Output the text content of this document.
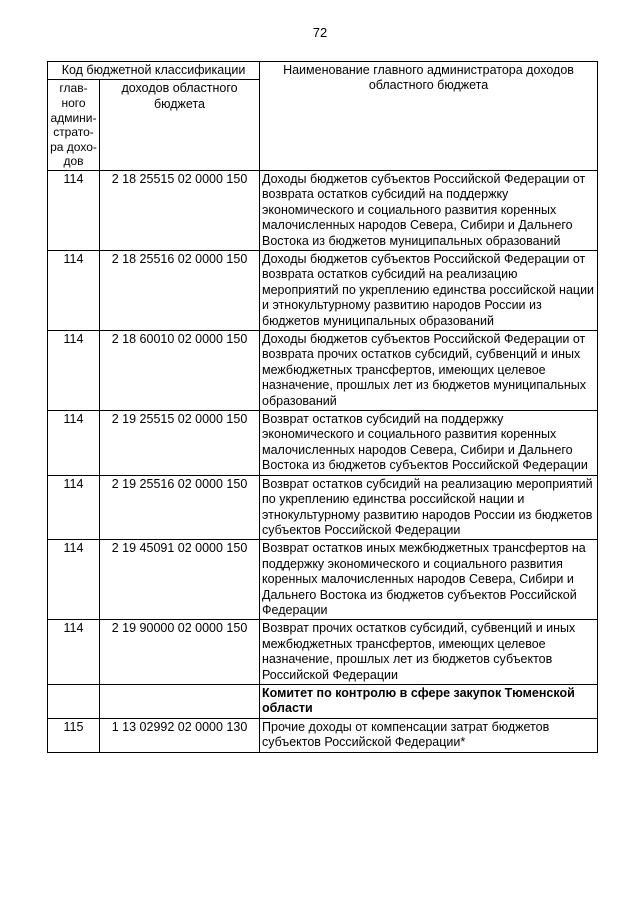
72
Код бюджетной классификации		Наименование главного администратора доходов областного бюджета
глав-ного админи-страто-ра дохо-дов	доходов областного бюджета	
114	2 18 25515 02 0000 150	Доходы бюджетов субъектов Российской Федерации от возврата остатков субсидий на поддержку экономического и социального развития коренных малочисленных народов Севера, Сибири и Дальнего Востока из бюджетов муниципальных образований
114	2 18 25516 02 0000 150	Доходы бюджетов субъектов Российской Федерации от возврата остатков субсидий на реализацию мероприятий по укреплению единства российской нации и этнокультурному развитию народов России из бюджетов муниципальных образований
114	2 18 60010 02 0000 150	Доходы бюджетов субъектов Российской Федерации от возврата прочих остатков субсидий, субвенций и иных межбюджетных трансфертов, имеющих целевое назначение, прошлых лет из бюджетов муниципальных образований
114	2 19 25515 02 0000 150	Возврат остатков субсидий на поддержку экономического и социального развития коренных малочисленных народов Севера, Сибири и Дальнего Востока из бюджетов субъектов Российской Федерации
114	2 19 25516 02 0000 150	Возврат остатков субсидий на реализацию мероприятий по укреплению единства российской нации и этнокультурному развитию народов России из бюджетов субъектов Российской Федерации
114	2 19 45091 02 0000 150	Возврат остатков иных межбюджетных трансфертов на поддержку экономического и социального развития коренных малочисленных народов Севера, Сибири и Дальнего Востока из бюджетов субъектов Российской Федерации
114	2 19 90000 02 0000 150	Возврат прочих остатков субсидий, субвенций и иных межбюджетных трансфертов, имеющих целевое назначение, прошлых лет из бюджетов субъектов Российской Федерации
		Комитет по контролю в сфере закупок Тюменской области
115	1 13 02992 02 0000 130	Прочие доходы от компенсации затрат бюджетов субъектов Российской Федерации*
